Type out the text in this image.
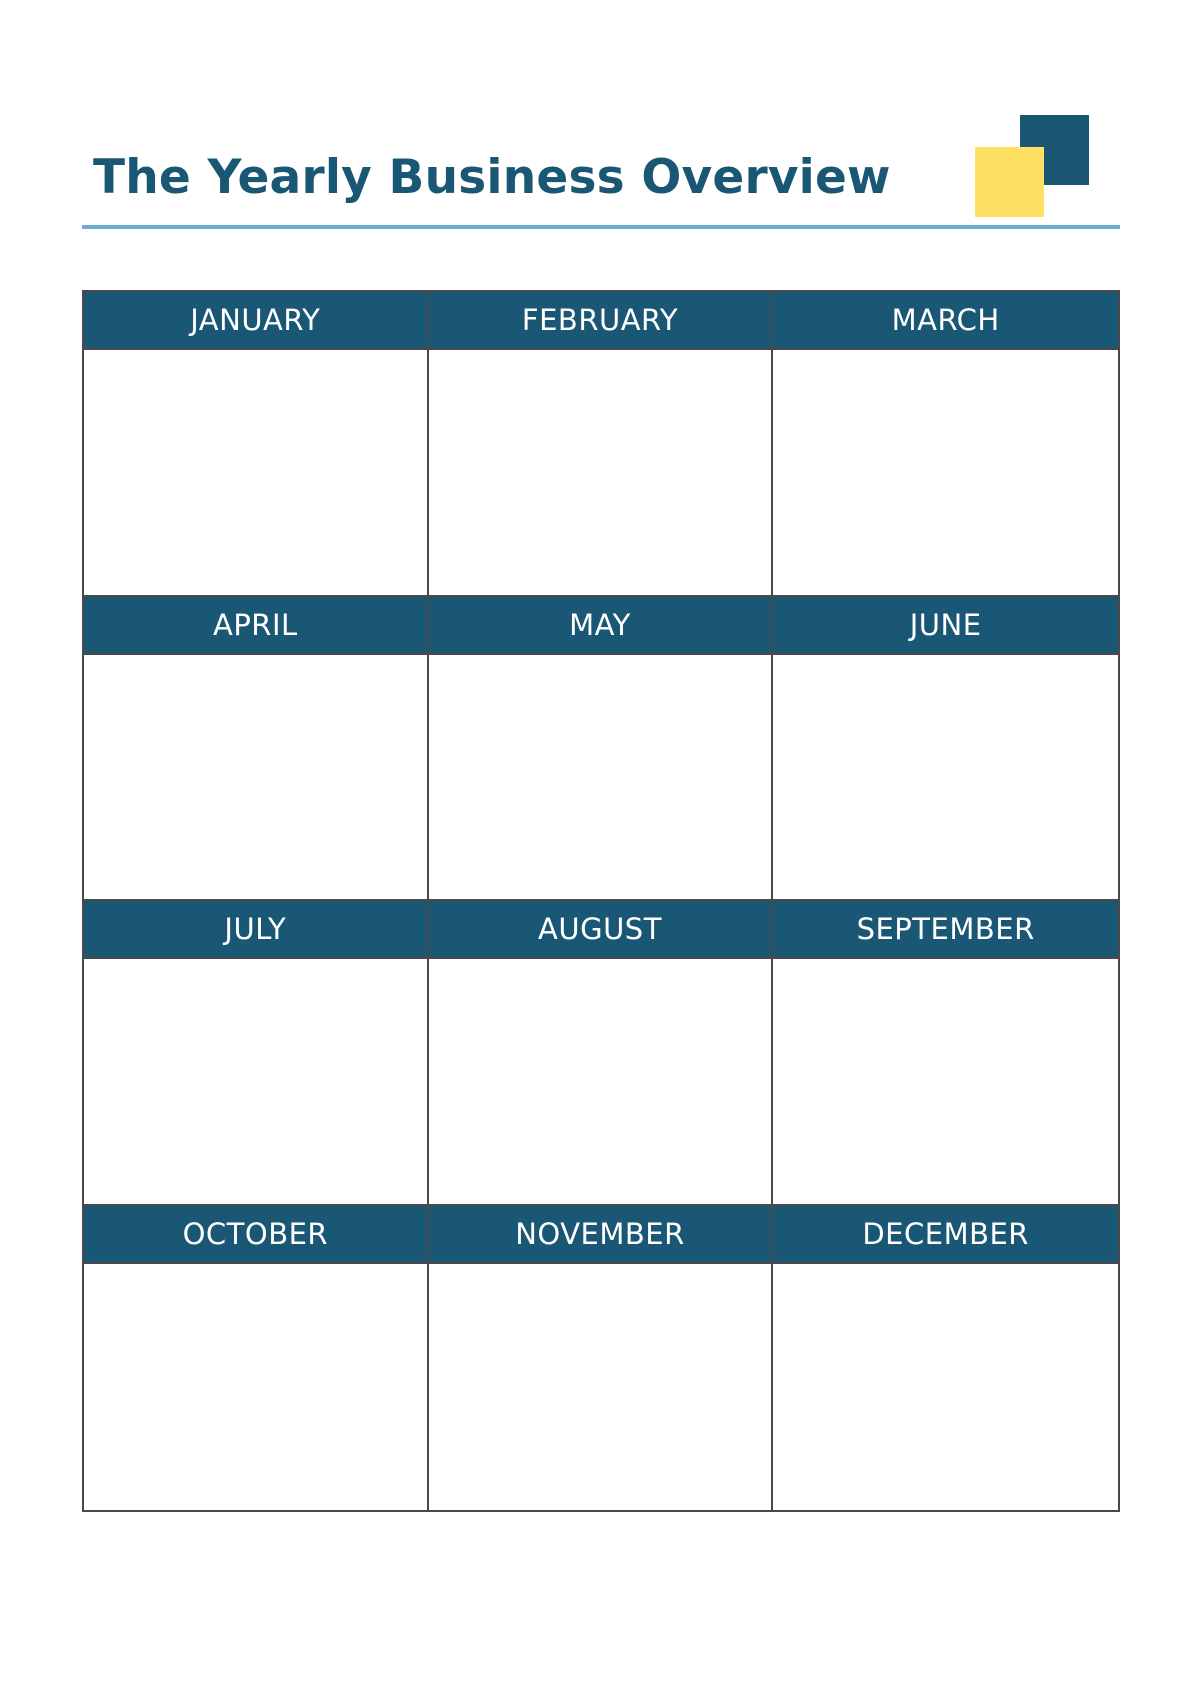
The Yearly Business Overview
JANUARY	FEBRUARY	MARCH
APRIL	MAY	JUNE
JULY	AUGUST	SEPTEMBER
OCTOBER	NOVEMBER	DECEMBER
